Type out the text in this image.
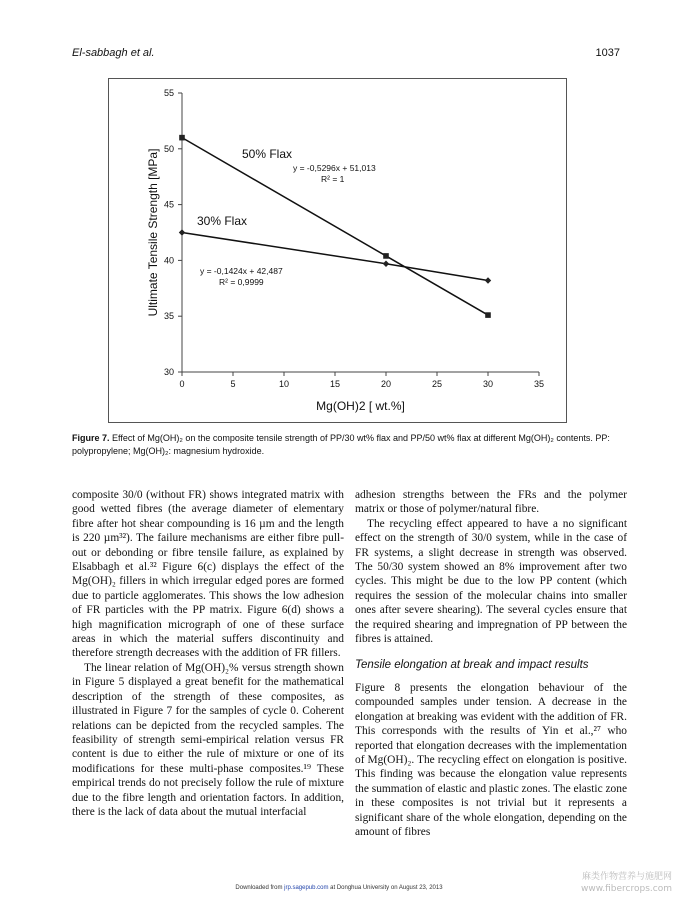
El-sabbagh et al.	1037
30
35
40
45
50
55
0	5	10	15	20	25	30	35
Mg(OH)2 [ wt.%]
Ultimate Tensile Strength [MPa]	50% Flax
y = -0,5296x + 51,013
R² = 1
30% Flax
y = -0,1424x + 42,487
R² = 0,9999
Figure 7. Effect of Mg(OH)₂ on the composite tensile strength of PP/30 wt% flax and PP/50 wt% flax at different Mg(OH)₂ contents. PP: polypropylene; Mg(OH)₂: magnesium hydroxide.

composite 30/0 (without FR) shows integrated matrix with good wetted fibres (the average diameter of elementary fibre after hot shear compounding is 16 µm and the length is 220 µm³²). The failure mechanisms are either fibre pull-out or debonding or fibre tensile failure, as explained by Elsabbagh et al.³² Figure 6(c) displays the effect of the Mg(OH)₂ fillers in which irregular edged pores are formed due to particle agglomerates. This shows the low adhesion of FR particles with the PP matrix. Figure 6(d) shows a high magnification micrograph of one of these surface areas in which the material suffers discontinuity and therefore strength decreases with the addition of FR fillers.

The linear relation of Mg(OH)₂% versus strength shown in Figure 5 displayed a great benefit for the mathematical description of the strength of these composites, as illustrated in Figure 7 for the samples of cycle 0. Coherent relations can be depicted from the recycled samples. The feasibility of strength semi-empirical relation versus FR content is due to either the rule of mixture or one of its modifications for these multi-phase composites.¹⁹ These empirical trends do not precisely follow the rule of mixture due to the fibre length and orientation factors. In addition, there is the lack of data about the mutual interfacial

adhesion strengths between the FRs and the polymer matrix or those of polymer/natural fibre.

The recycling effect appeared to have a no significant effect on the strength of 30/0 system, while in the case of FR systems, a slight decrease in strength was observed. The 50/30 system showed an 8% improvement after two cycles. This might be due to the low PP content (which requires the session of the molecular chains into smaller ones after severe shearing). The several cycles ensure that the required shearing and impregnation of PP between the fibres is attained.

Tensile elongation at break and impact results

Figure 8 presents the elongation behaviour of the compounded samples under tension. A decrease in the elongation at breaking was evident with the addition of FR. This corresponds with the results of Yin et al.,²⁷ who reported that elongation decreases with the implementation of Mg(OH)₂. The recycling effect on elongation is positive. This finding was because the elongation value represents the summation of elastic and plastic zones. The elastic zone in these composites is not trivial but it represents a significant share of the whole elongation, depending on the amount of fibres

Downloaded from jrp.sagepub.com at Donghua University on August 23, 2013
麻类作物营养与施肥网
www.fibercrops.com
